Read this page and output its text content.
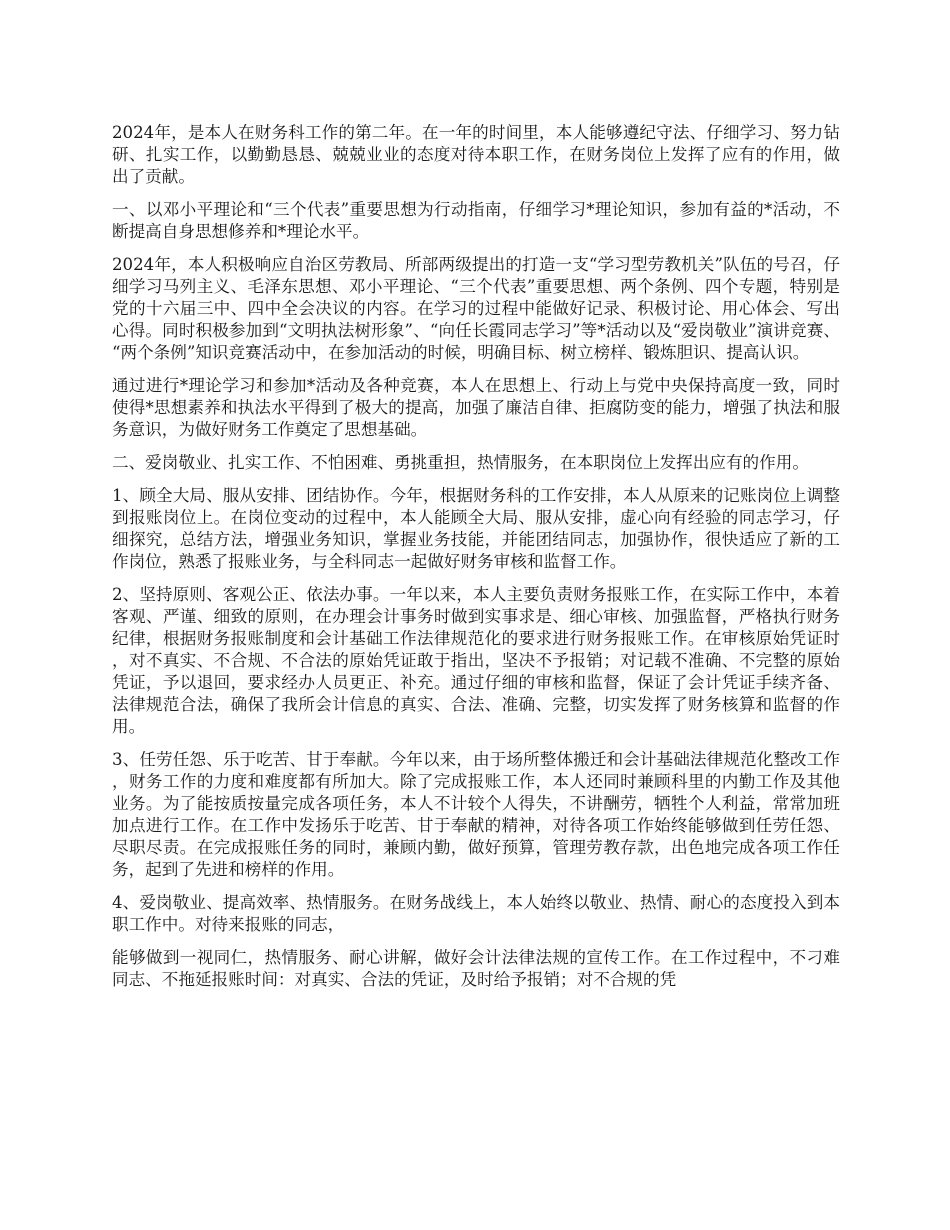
2024年，是本人在财务科工作的第二年。在一年的时间里，本人能够遵纪守法、仔细学习、努力钻研、扎实工作，以勤勤恳恳、兢兢业业的态度对待本职工作，在财务岗位上发挥了应有的作用，做出了贡献。

一、以邓小平理论和“三个代表”重要思想为行动指南，仔细学习*理论知识，参加有益的*活动，不断提高自身思想修养和*理论水平。

2024年，本人积极响应自治区劳教局、所部两级提出的打造一支“学习型劳教机关”队伍的号召，仔细学习马列主义、毛泽东思想、邓小平理论、“三个代表”重要思想、两个条例、四个专题，特别是党的十六届三中、四中全会决议的内容。在学习的过程中能做好记录、积极讨论、用心体会、写出心得。同时积极参加到“文明执法树形象”、“向任长霞同志学习”等*活动以及“爱岗敬业”演讲竞赛、“两个条例”知识竞赛活动中，在参加活动的时候，明确目标、树立榜样、锻炼胆识、提高认识。

通过进行*理论学习和参加*活动及各种竞赛，本人在思想上、行动上与党中央保持高度一致，同时使得*思想素养和执法水平得到了极大的提高，加强了廉洁自律、拒腐防变的能力，增强了执法和服务意识，为做好财务工作奠定了思想基础。

二、爱岗敬业、扎实工作、不怕困难、勇挑重担，热情服务，在本职岗位上发挥出应有的作用。

1、顾全大局、服从安排、团结协作。今年，根据财务科的工作安排，本人从原来的记账岗位上调整到报账岗位上。在岗位变动的过程中，本人能顾全大局、服从安排，虚心向有经验的同志学习，仔细探究，总结方法，增强业务知识，掌握业务技能，并能团结同志，加强协作，很快适应了新的工作岗位，熟悉了报账业务，与全科同志一起做好财务审核和监督工作。

2、坚持原则、客观公正、依法办事。一年以来，本人主要负责财务报账工作，在实际工作中，本着客观、严谨、细致的原则，在办理会计事务时做到实事求是、细心审核、加强监督，严格执行财务纪律，根据财务报账制度和会计基础工作法律规范化的要求进行财务报账工作。在审核原始凭证时，对不真实、不合规、不合法的原始凭证敢于指出，坚决不予报销；对记载不准确、不完整的原始凭证，予以退回，要求经办人员更正、补充。通过仔细的审核和监督，保证了会计凭证手续齐备、法律规范合法，确保了我所会计信息的真实、合法、准确、完整，切实发挥了财务核算和监督的作用。

3、任劳任怨、乐于吃苦、甘于奉献。今年以来，由于场所整体搬迁和会计基础法律规范化整改工作，财务工作的力度和难度都有所加大。除了完成报账工作，本人还同时兼顾科里的内勤工作及其他业务。为了能按质按量完成各项任务，本人不计较个人得失，不讲酬劳，牺牲个人利益，常常加班加点进行工作。在工作中发扬乐于吃苦、甘于奉献的精神，对待各项工作始终能够做到任劳任怨、尽职尽责。在完成报账任务的同时，兼顾内勤，做好预算，管理劳教存款，出色地完成各项工作任务，起到了先进和榜样的作用。

4、爱岗敬业、提高效率、热情服务。在财务战线上，本人始终以敬业、热情、耐心的态度投入到本职工作中。对待来报账的同志，

能够做到一视同仁，热情服务、耐心讲解，做好会计法律法规的宣传工作。在工作过程中，不刁难同志、不拖延报账时间：对真实、合法的凭证，及时给予报销；对不合规的凭
